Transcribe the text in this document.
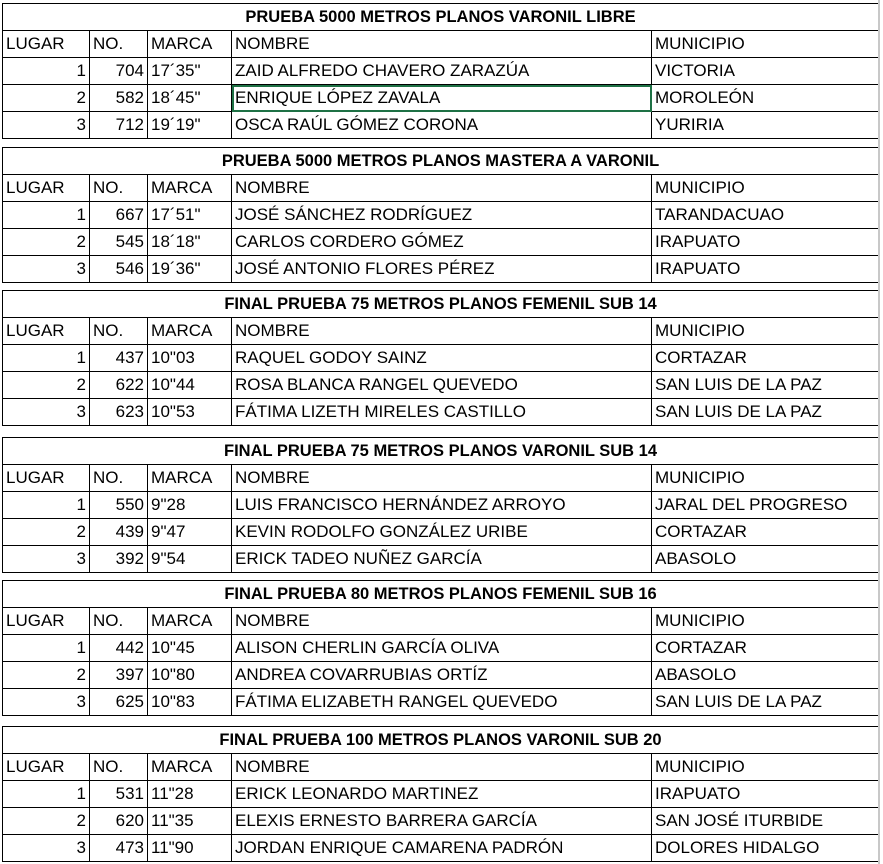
PRUEBA 5000 METROS PLANOS VARONIL LIBRE				
LUGAR	NO.	MARCA	NOMBRE	MUNICIPIO
1	704	17´35"	ZAID ALFREDO CHAVERO ZARAZÚA	VICTORIA
2	582	18´45"	ENRIQUE LÓPEZ ZAVALA	MOROLEÓN
3	712	19´19"	OSCA RAÚL GÓMEZ CORONA	YURIRIA
PRUEBA 5000 METROS PLANOS MASTERA A VARONIL				
LUGAR	NO.	MARCA	NOMBRE	MUNICIPIO
1	667	17´51"	JOSÉ SÁNCHEZ RODRÍGUEZ	TARANDACUAO
2	545	18´18"	CARLOS CORDERO GÓMEZ	IRAPUATO
3	546	19´36"	JOSÉ ANTONIO FLORES PÉREZ	IRAPUATO
FINAL PRUEBA 75 METROS PLANOS FEMENIL SUB 14				
LUGAR	NO.	MARCA	NOMBRE	MUNICIPIO
1	437	10"03	RAQUEL GODOY SAINZ	CORTAZAR
2	622	10"44	ROSA BLANCA RANGEL QUEVEDO	SAN LUIS DE LA PAZ
3	623	10"53	FÁTIMA LIZETH MIRELES CASTILLO	SAN LUIS DE LA PAZ
FINAL PRUEBA 75 METROS PLANOS VARONIL SUB 14				
LUGAR	NO.	MARCA	NOMBRE	MUNICIPIO
1	550	9"28	LUIS FRANCISCO HERNÁNDEZ ARROYO	JARAL DEL PROGRESO
2	439	9"47	KEVIN RODOLFO GONZÁLEZ URIBE	CORTAZAR
3	392	9"54	ERICK TADEO NUÑEZ GARCÍA	ABASOLO
FINAL PRUEBA 80 METROS PLANOS FEMENIL SUB 16				
LUGAR	NO.	MARCA	NOMBRE	MUNICIPIO
1	442	10"45	ALISON CHERLIN GARCÍA OLIVA	CORTAZAR
2	397	10"80	ANDREA COVARRUBIAS ORTÍZ	ABASOLO
3	625	10"83	FÁTIMA ELIZABETH RANGEL QUEVEDO	SAN LUIS DE LA PAZ
FINAL PRUEBA 100 METROS PLANOS VARONIL SUB 20				
LUGAR	NO.	MARCA	NOMBRE	MUNICIPIO
1	531	11"28	ERICK LEONARDO MARTINEZ	IRAPUATO
2	620	11"35	ELEXIS ERNESTO BARRERA GARCÍA	SAN JOSÉ ITURBIDE
3	473	11"90	JORDAN ENRIQUE CAMARENA PADRÓN	DOLORES HIDALGO
